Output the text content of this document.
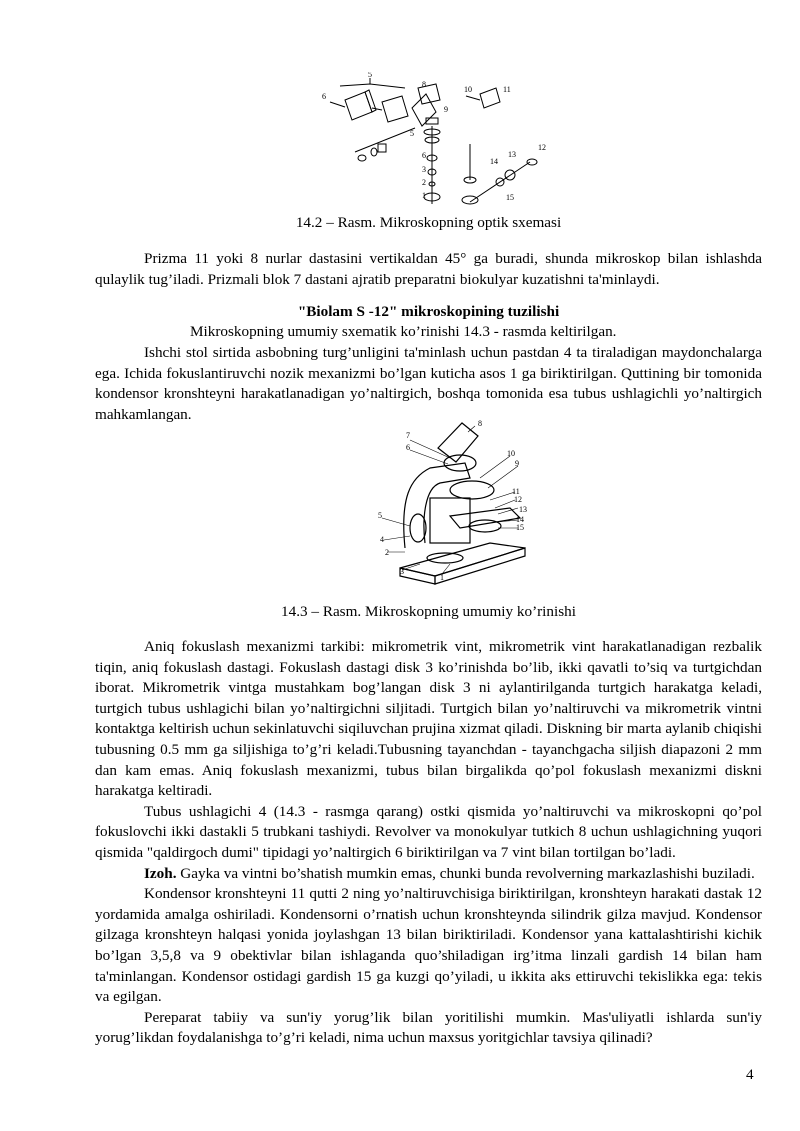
6
5
8
9
5
6
3
2
1
10	11
12
13
14
15
14.2 – Rasm. Mikroskopning optik sxemasi

Prizma 11 yoki 8 nurlar dastasini vertikaldan 45° ga buradi, shunda mikroskop bilan ishlashda qulaylik tug’iladi. Prizmali blok 7 dastani ajratib preparatni biokulyar kuzatishni ta'minlaydi.

"Biolam S -12" mikroskopining tuzilishi
Mikroskopning umumiy sxematik ko’rinishi 14.3 - rasmda keltirilgan.

Ishchi stol sirtida asbobning turg’unligini ta'minlash uchun pastdan 4 ta tiraladigan maydonchalarga ega. Ichida fokuslantiruvchi nozik mexanizmi bo’lgan kuticha asos 1 ga biriktirilgan. Quttining bir tomonida kondensor kronshteyni harakatlanadigan yo’naltirgich, boshqa tomonida esa tubus ushlagichli yo’naltirgich mahkamlangan.

7
6
8
10
9
11
12
13
14
15
5
4
2
3
1
14.3 – Rasm. Mikroskopning umumiy ko’rinishi

Aniq fokuslash mexanizmi tarkibi: mikrometrik vint, mikrometrik vint harakatlanadigan rezbalik tiqin, aniq fokuslash dastagi. Fokuslash dastagi disk 3 ko’rinishda bo’lib, ikki qavatli to’siq va turtgichdan iborat. Mikrometrik vintga mustahkam bog’langan disk 3 ni aylantirilganda turtgich harakatga keladi, turtgich tubus ushlagichi bilan yo’naltirgichni siljitadi. Turtgich bilan yo’naltiruvchi va mikrometrik vintni kontaktga keltirish uchun sekinlatuvchi siqiluvchan prujina xizmat qiladi. Diskning bir marta aylanib chiqishi tubusning 0.5 mm ga siljishiga to’g’ri keladi.Tubusning tayanchdan - tayanchgacha siljish diapazoni 2 mm dan kam emas. Aniq fokuslash mexanizmi, tubus bilan birgalikda qo’pol fokuslash mexanizmi diskni harakatga keltiradi.

Tubus ushlagichi 4 (14.3 - rasmga qarang) ostki qismida yo’naltiruvchi va mikroskopni qo’pol fokuslovchi ikki dastakli 5 trubkani tashiydi. Revolver va monokulyar tutkich 8 uchun ushlagichning yuqori qismida "qaldirgoch dumi" tipidagi yo’naltirgich 6 biriktirilgan va 7 vint bilan tortilgan bo’ladi.

Izoh. Gayka va vintni bo’shatish mumkin emas, chunki bunda revolverning markazlashishi buziladi.

Kondensor kronshteyni 11 qutti 2 ning yo’naltiruvchisiga biriktirilgan, kronshteyn harakati dastak 12 yordamida amalga oshiriladi. Kondensorni o’rnatish uchun kronshteynda silindrik gilza mavjud. Kondensor gilzaga kronshteyn halqasi yonida joylashgan 13 bilan biriktiriladi. Kondensor yana kattalashtirishi kichik bo’lgan 3,5,8 va 9 obektivlar bilan ishlaganda quo’shiladigan irg’itma linzali gardish 14 bilan ham ta'minlangan. Kondensor ostidagi gardish 15 ga kuzgi qo’yiladi, u ikkita aks ettiruvchi tekislikka ega: tekis va egilgan.

Pereparat tabiiy va sun'iy yorug’lik bilan yoritilishi mumkin. Mas'uliyatli ishlarda sun'iy yorug’likdan foydalanishga to’g’ri keladi, nima uchun maxsus yoritgichlar tavsiya qilinadi?

4
